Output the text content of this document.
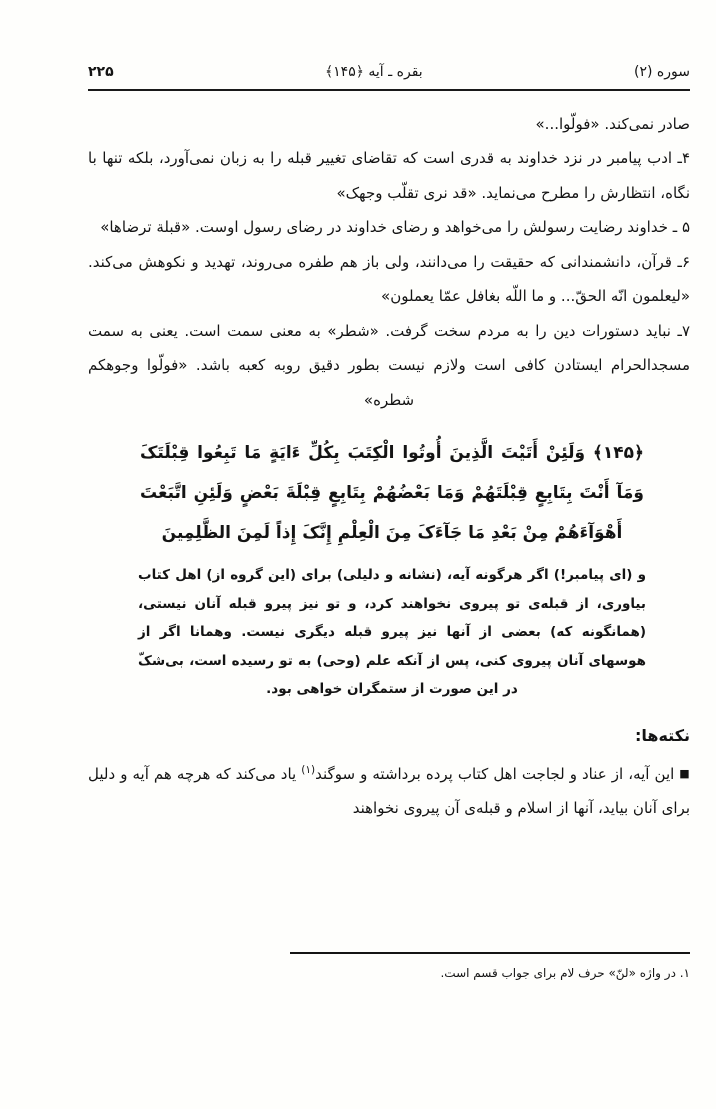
سوره (۲)
بقره ـ آیه ﴿۱۴۵﴾
۲۲۵

صادر نمی‌کند. «فولّوا...»

۴ـ ادب پیامبر در نزد خداوند به قدری است که تقاضای تغییر قبله را به زبان نمی‌آورد، بلکه تنها با نگاه، انتظارش را مطرح می‌نماید. «قد نری تقلّب وجهک»

۵ ـ خداوند رضایت رسولش را می‌خواهد و رضای خداوند در رضای رسول اوست. «قبلة ترضاها»

۶ـ قرآن، دانشمندانی که حقیقت را می‌دانند، ولی باز هم طفره می‌روند، تهدید و نکوهش می‌کند. «لیعلمون انّه الحقّ... و ما اللّه بغافل عمّا یعملون»

۷ـ نباید دستورات دین را به مردم سخت گرفت. «شطر» به معنی سمت است. یعنی به سمت مسجدالحرام ایستادن کافی است ولازم نیست بطور دقیق روبه کعبه باشد. «فولّوا وجوهکم شطره»

﴿۱۴۵﴾ وَلَئِنْ أَتَیْتَ الَّذِینَ أُوتُوا الْکِتَبَ بِکُلِّ ءَایَةٍ مَا تَبِعُوا قِبْلَتَکَ وَمَآ أَنْتَ بِتَابِعٍ قِبْلَتَهُمْ وَمَا بَعْضُهُمْ بِتَابِعٍ قِبْلَةَ بَعْضٍ وَلَئِنِ اتَّبَعْتَ أَهْوَآءَهُمْ مِنْ بَعْدِ مَا جَآءَکَ مِنَ الْعِلْمِ إِنَّکَ إِذاً لَمِنَ الظَّلِمِینَ
و (ای پیامبر!) اگر هرگونه آیه، (نشانه و دلیلی) برای (این گروه از) اهل کتاب بیاوری، از قبله‌ی تو پیروی نخواهند کرد، و تو نیز پیرو قبله آنان نیستی، (همانگونه که) بعضی از آنها نیز پیرو قبله دیگری نیست. وهمانا اگر از هوسهای آنان پیروی کنی، پس از آنکه علم (وحی) به تو رسیده است، بی‌شکّ در این صورت از ستمگران خواهی بود.
نکته‌ها:

■این آیه، از عناد و لجاجت اهل کتاب پرده برداشته و سوگند$^{(۱)}$ یاد می‌کند که هرچه هم آیه و دلیل برای آنان بیاید، آنها از اسلام و قبله‌ی آن پیروی نخواهند

۱. در واژه «لنّ» حرف لام برای جواب قسم است.
